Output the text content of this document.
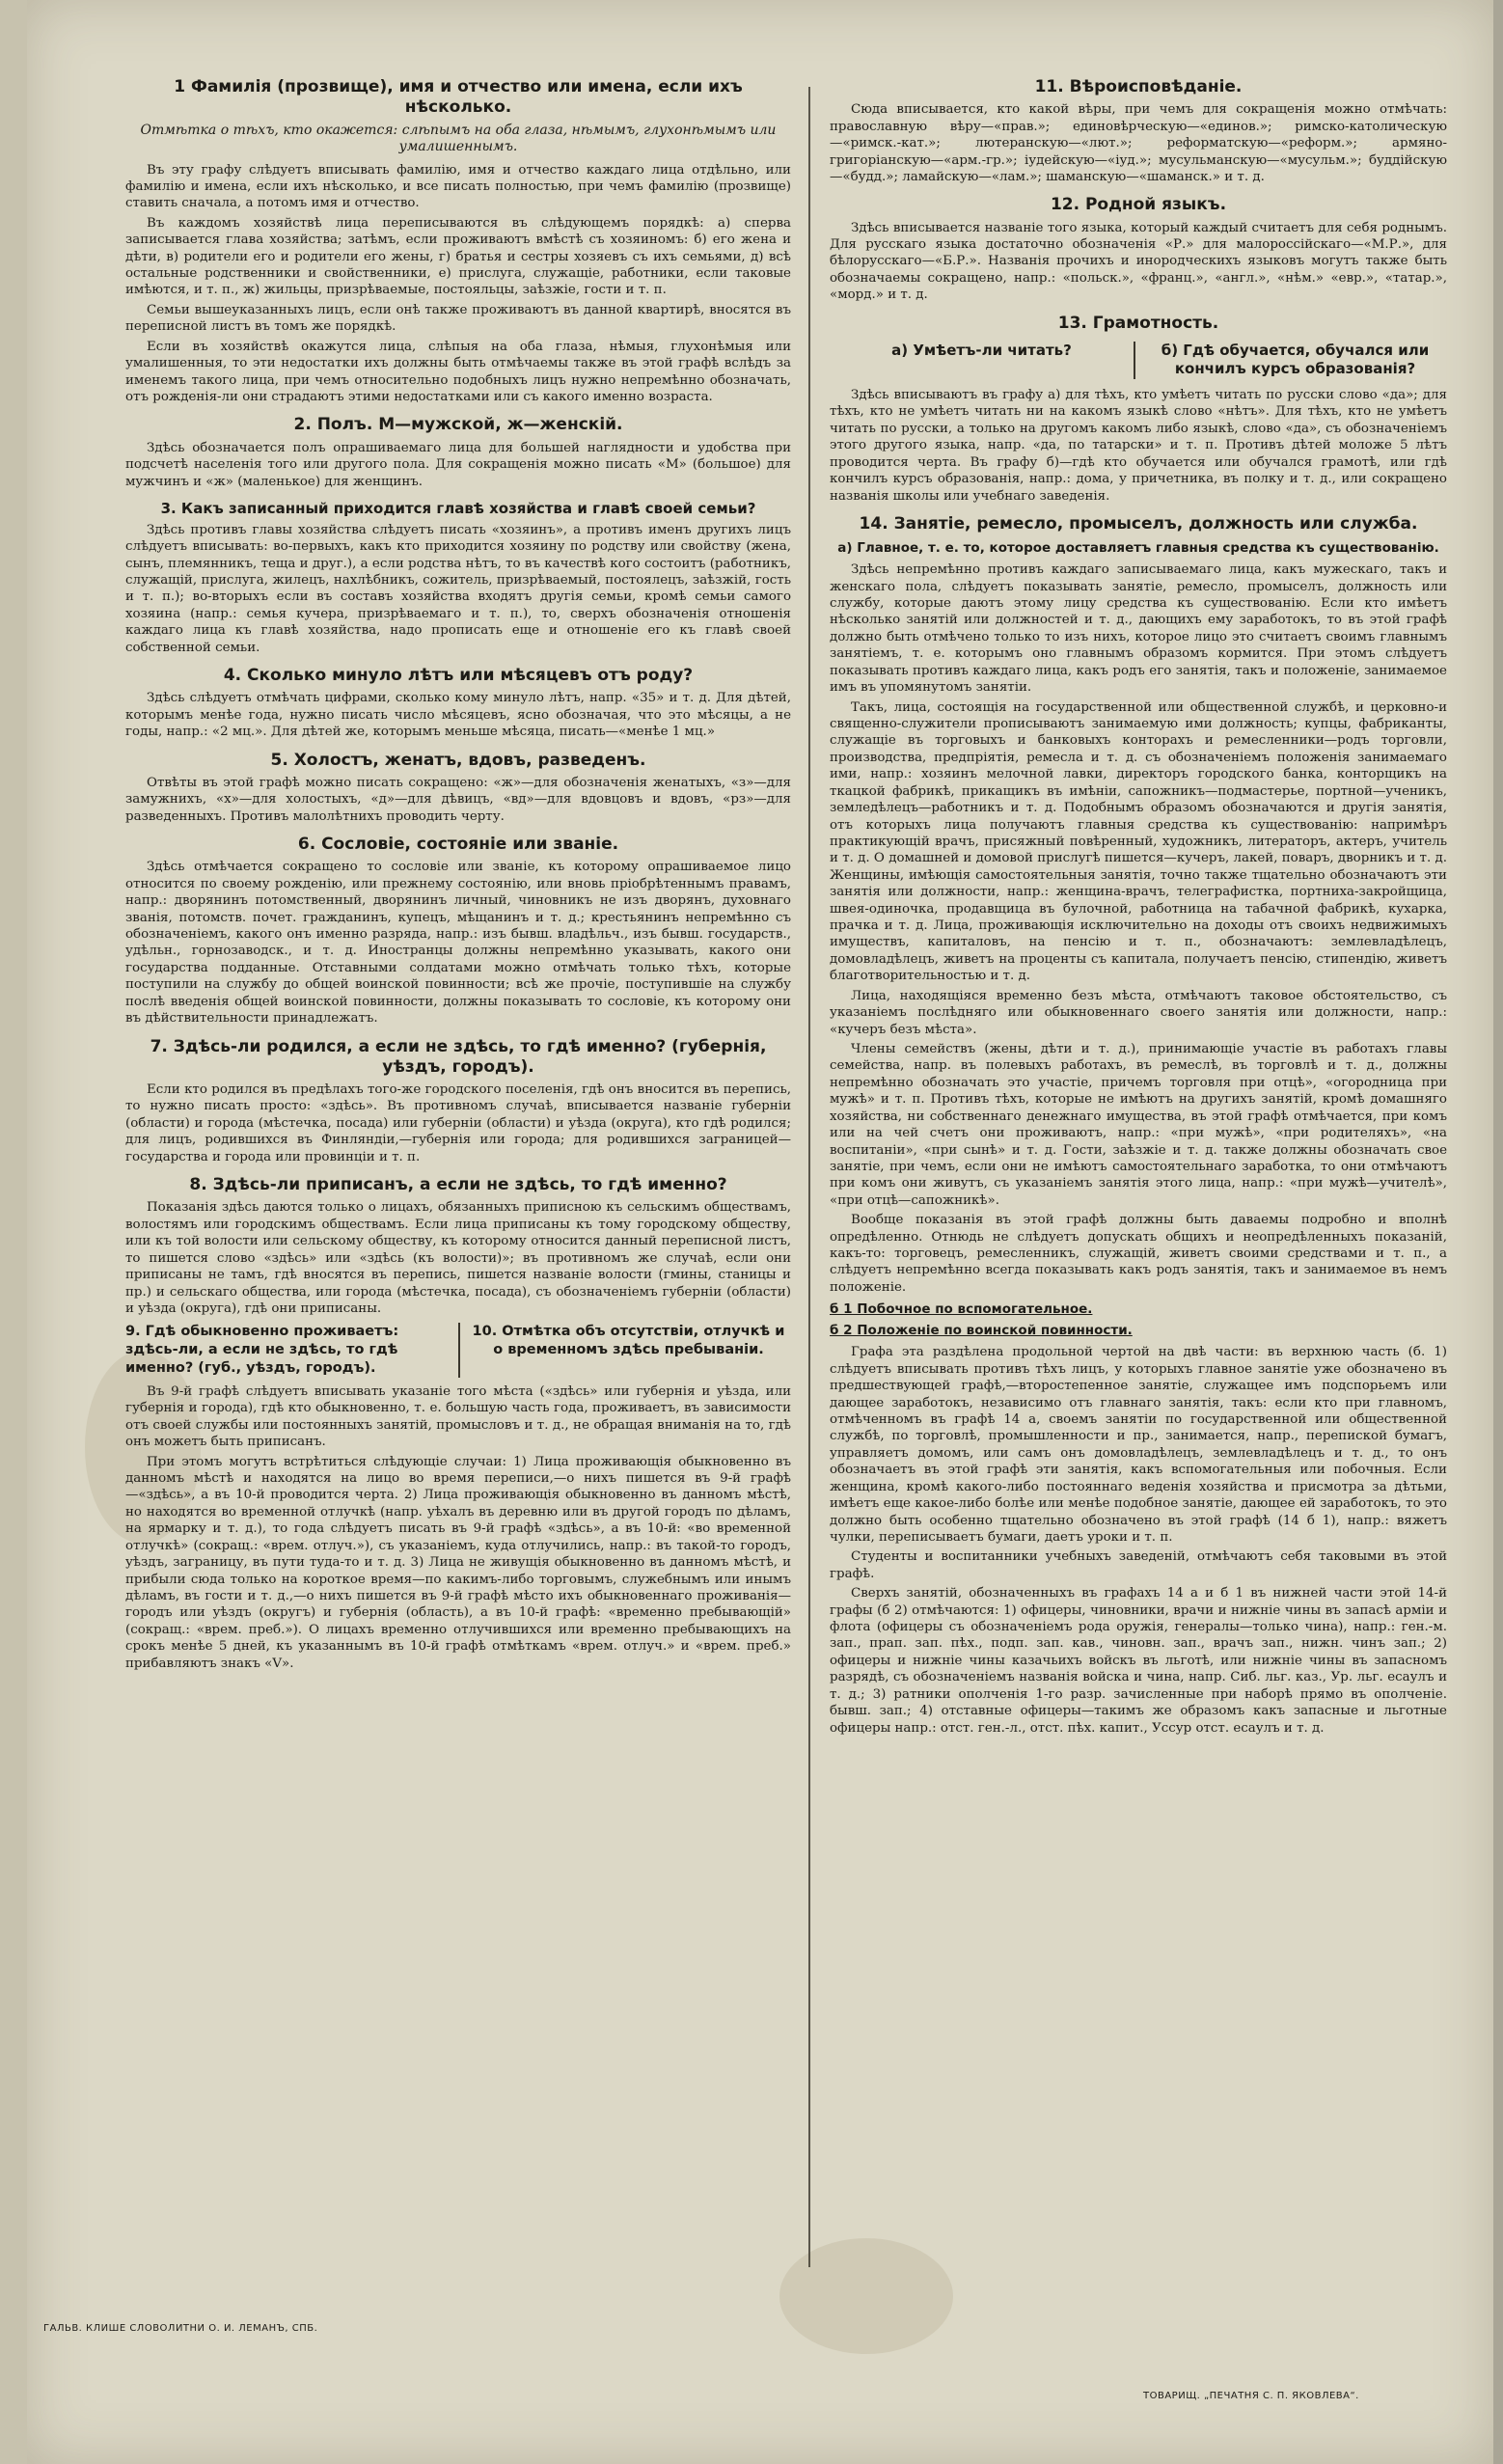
1 Фамилія (прозвище), имя и отчество или имена, если ихъ нѣсколько.
Отмѣтка о тѣхъ, кто окажется: слѣпымъ на оба глаза, нѣмымъ, глухонѣмымъ или умалишеннымъ.

Въ эту графу слѣдуетъ вписывать фамилію, имя и отчество каждаго лица отдѣльно, или фамилію и имена, если ихъ нѣсколько, и все писать полностью, при чемъ фамилію (прозвище) ставить сначала, а потомъ имя и отчество.

Въ каждомъ хозяйствѣ лица переписываются въ слѣдующемъ порядкѣ: а) сперва записывается глава хозяйства; затѣмъ, если проживаютъ вмѣстѣ съ хозяиномъ: б) его жена и дѣти, в) родители его и родители его жены, г) братья и сестры хозяевъ съ ихъ семьями, д) всѣ остальные родственники и свойственники, е) прислуга, служащіе, работники, если таковые имѣются, и т. п., ж) жильцы, призрѣваемые, постояльцы, заѣзжіе, гости и т. п.

Семьи вышеуказанныхъ лицъ, если онѣ также проживаютъ въ данной квартирѣ, вносятся въ переписной листъ въ томъ же порядкѣ.

Если въ хозяйствѣ окажутся лица, слѣпыя на оба глаза, нѣмыя, глухонѣмыя или умалишенныя, то эти недостатки ихъ должны быть отмѣчаемы также въ этой графѣ вслѣдъ за именемъ такого лица, при чемъ относительно подобныхъ лицъ нужно непремѣнно обозначать, отъ рожденія-ли они страдаютъ этими недостатками или съ какого именно возраста.

2. Полъ. М—мужской, ж—женскій.

Здѣсь обозначается полъ опрашиваемаго лица для большей наглядности и удобства при подсчетѣ населенія того или другого пола. Для сокращенія можно писать «М» (большое) для мужчинъ и «ж» (маленькое) для женщинъ.

3. Какъ записанный приходится главѣ хозяйства и главѣ своей семьи?

Здѣсь противъ главы хозяйства слѣдуетъ писать «хозяинъ», а противъ именъ другихъ лицъ слѣдуетъ вписывать: во-первыхъ, какъ кто приходится хозяину по родству или свойству (жена, сынъ, племянникъ, теща и друг.), а если родства нѣтъ, то въ качествѣ кого состоитъ (работникъ, служащій, прислуга, жилецъ, нахлѣбникъ, сожитель, призрѣваемый, постоялецъ, заѣзжій, гость и т. п.); во-вторыхъ если въ составъ хозяйства входятъ другія семьи, кромѣ семьи самого хозяина (напр.: семья кучера, призрѣваемаго и т. п.), то, сверхъ обозначенія отношенія каждаго лица къ главѣ хозяйства, надо прописать еще и отношеніе его къ главѣ своей собственной семьи.

4. Сколько минуло лѣтъ или мѣсяцевъ отъ роду?

Здѣсь слѣдуетъ отмѣчать цифрами, сколько кому минуло лѣтъ, напр. «35» и т. д. Для дѣтей, которымъ менѣе года, нужно писать число мѣсяцевъ, ясно обозначая, что это мѣсяцы, а не годы, напр.: «2 мц.». Для дѣтей же, которымъ меньше мѣсяца, писать—«менѣе 1 мц.»

5. Холостъ, женатъ, вдовъ, разведенъ.

Отвѣты въ этой графѣ можно писать сокращено: «ж»—для обозначенія женатыхъ, «з»—для замужнихъ, «х»—для холостыхъ, «д»—для дѣвицъ, «вд»—для вдовцовъ и вдовъ, «рз»—для разведенныхъ. Противъ малолѣтнихъ проводить черту.

6. Сословіе, состояніе или званіе.

Здѣсь отмѣчается сокращено то сословіе или званіе, къ которому опрашиваемое лицо относится по своему рожденію, или прежнему состоянію, или вновь пріобрѣтеннымъ правамъ, напр.: дворянинъ потомственный, дворянинъ личный, чиновникъ не изъ дворянъ, духовнаго званія, потомств. почет. гражданинъ, купецъ, мѣщанинъ и т. д.; крестьянинъ непремѣнно съ обозначеніемъ, какого онъ именно разряда, напр.: изъ бывш. владѣльч., изъ бывш. государств., удѣльн., горнозаводск., и т. д. Иностранцы должны непремѣнно указывать, какого они государства подданные. Отставными солдатами можно отмѣчать только тѣхъ, которые поступили на службу до общей воинской повинности; всѣ же прочіе, поступившіе на службу послѣ введенія общей воинской повинности, должны показывать то сословіе, къ которому они въ дѣйствительности принадлежатъ.

7. Здѣсь-ли родился, а если не здѣсь, то гдѣ именно? (губернія, уѣздъ, городъ).

Если кто родился въ предѣлахъ того-же городского поселенія, гдѣ онъ вносится въ перепись, то нужно писать просто: «здѣсь». Въ противномъ случаѣ, вписывается названіе губерніи (области) и города (мѣстечка, посада) или губерніи (области) и уѣзда (округа), кто гдѣ родился; для лицъ, родившихся въ Финляндіи,—губернія или города; для родившихся заграницей—государства и города или провинціи и т. п.

8. Здѣсь-ли приписанъ, а если не здѣсь, то гдѣ именно?

Показанія здѣсь даются только о лицахъ, обязанныхъ приписною къ сельскимъ обществамъ, волостямъ или городскимъ обществамъ. Если лица приписаны къ тому городскому обществу, или къ той волости или сельскому обществу, къ которому относится данный переписной листъ, то пишется слово «здѣсь» или «здѣсь (къ волости)»; въ противномъ же случаѣ, если они приписаны не тамъ, гдѣ вносятся въ перепись, пишется названіе волости (гмины, станицы и пр.) и сельскаго общества, или города (мѣстечка, посада), съ обозначеніемъ губерніи (области) и уѣзда (округа), гдѣ они приписаны.

9. Гдѣ обыкновенно проживаетъ: здѣсь-ли, а если не здѣсь, то гдѣ именно? (губ., уѣздъ, городъ).
10. Отмѣтка объ отсутствіи, отлучкѣ и о временномъ здѣсь пребываніи.

Въ 9-й графѣ слѣдуетъ вписывать указаніе того мѣста («здѣсь» или губернія и уѣзда, или губернія и города), гдѣ кто обыкновенно, т. е. большую часть года, проживаетъ, въ зависимости отъ своей службы или постоянныхъ занятій, промысловъ и т. д., не обращая вниманія на то, гдѣ онъ можетъ быть приписанъ.

При этомъ могутъ встрѣтиться слѣдующіе случаи: 1) Лица проживающія обыкновенно въ данномъ мѣстѣ и находятся на лицо во время переписи,—о нихъ пишется въ 9-й графѣ—«здѣсь», а въ 10-й проводится черта. 2) Лица проживающія обыкновенно въ данномъ мѣстѣ, но находятся во временной отлучкѣ (напр. уѣхалъ въ деревню или въ другой городъ по дѣламъ, на ярмарку и т. д.), то года слѣдуетъ писать въ 9-й графѣ «здѣсь», а въ 10-й: «во временной отлучкѣ» (сокращ.: «врем. отлуч.»), съ указаніемъ, куда отлучились, напр.: въ такой-то городъ, уѣздъ, заграницу, въ пути туда-то и т. д. 3) Лица не живущія обыкновенно въ данномъ мѣстѣ, и прибыли сюда только на короткое время—по какимъ-либо торговымъ, служебнымъ или инымъ дѣламъ, въ гости и т. д.,—о нихъ пишется въ 9-й графѣ мѣсто ихъ обыкновеннаго проживанія—городъ или уѣздъ (округъ) и губернія (область), а въ 10-й графѣ: «временно пребывающій» (сокращ.: «врем. преб.»). О лицахъ временно отлучившихся или временно пребывающихъ на срокъ менѣе 5 дней, къ указаннымъ въ 10-й графѣ отмѣткамъ «врем. отлуч.» и «врем. преб.» прибавляютъ знакъ «V».

11. Вѣроисповѣданіе.

Сюда вписывается, кто какой вѣры, при чемъ для сокращенія можно отмѣчать: православную вѣру—«прав.»; единовѣрческую—«единов.»; римско-католическую—«римск.-кат.»; лютеранскую—«лют.»; реформатскую—«реформ.»; армяно-григоріанскую—«арм.-гр.»; іудейскую—«іуд.»; мусульманскую—«мусульм.»; буддійскую—«будд.»; ламайскую—«лам.»; шаманскую—«шаманск.» и т. д.

12. Родной языкъ.

Здѣсь вписывается названіе того языка, который каждый считаетъ для себя роднымъ. Для русскаго языка достаточно обозначенія «Р.» для малороссійскаго—«М.Р.», для бѣлорусскаго—«Б.Р.». Названія прочихъ и инородческихъ языковъ могутъ также быть обозначаемы сокращено, напр.: «польск.», «франц.», «англ.», «нѣм.» «евр.», «татар.», «морд.» и т. д.

13. Грамотность.
а) Умѣетъ-ли читать?	б) Гдѣ обучается, обучался или кончилъ курсъ образованія?

Здѣсь вписываютъ въ графу а) для тѣхъ, кто умѣетъ читать по русски слово «да»; для тѣхъ, кто не умѣетъ читать ни на какомъ языкѣ слово «нѣтъ». Для тѣхъ, кто не умѣетъ читать по русски, а только на другомъ какомъ либо языкѣ, слово «да», съ обозначеніемъ этого другого языка, напр. «да, по татарски» и т. п. Противъ дѣтей моложе 5 лѣтъ проводится черта. Въ графу б)—гдѣ кто обучается или обучался грамотѣ, или гдѣ кончилъ курсъ образованія, напр.: дома, у причетника, въ полку и т. д., или сокращено названія школы или учебнаго заведенія.

14. Занятіе, ремесло, промыселъ, должность или служба.
а) Главное, т. е. то, которое доставляетъ главныя средства къ существованію.

Здѣсь непремѣнно противъ каждаго записываемаго лица, какъ мужескаго, такъ и женскаго пола, слѣдуетъ показывать занятіе, ремесло, промыселъ, должность или службу, которые даютъ этому лицу средства къ существованію. Если кто имѣетъ нѣсколько занятій или должностей и т. д., дающихъ ему заработокъ, то въ этой графѣ должно быть отмѣчено только то изъ нихъ, которое лицо это считаетъ своимъ главнымъ занятіемъ, т. е. которымъ оно главнымъ образомъ кормится. При этомъ слѣдуетъ показывать противъ каждаго лица, какъ родъ его занятія, такъ и положеніе, занимаемое имъ въ упомянутомъ занятіи.

Такъ, лица, состоящія на государственной или общественной службѣ, и церковно-и священно-служители прописываютъ занимаемую ими должность; купцы, фабриканты, служащіе въ торговыхъ и банковыхъ конторахъ и ремесленники—родъ торговли, производства, предпріятія, ремесла и т. д. съ обозначеніемъ положенія занимаемаго ими, напр.: хозяинъ мелочной лавки, директоръ городского банка, конторщикъ на ткацкой фабрикѣ, прикащикъ въ имѣніи, сапожникъ—подмастерье, портной—ученикъ, земледѣлецъ—работникъ и т. д. Подобнымъ образомъ обозначаются и другія занятія, отъ которыхъ лица получаютъ главныя средства къ существованію: напримѣръ практикующій врачъ, присяжный повѣренный, художникъ, литераторъ, актеръ, учитель и т. д. О домашней и домовой прислугѣ пишется—кучеръ, лакей, поваръ, дворникъ и т. д. Женщины, имѣющія самостоятельныя занятія, точно также тщательно обозначаютъ эти занятія или должности, напр.: женщина-врачъ, телеграфистка, портниха-закройщица, швея-одиночка, продавщица въ булочной, работница на табачной фабрикѣ, кухарка, прачка и т. д. Лица, проживающія исключительно на доходы отъ своихъ недвижимыхъ имуществъ, капиталовъ, на пенсію и т. п., обозначаютъ: землевладѣлецъ, домовладѣлецъ, живетъ на проценты съ капитала, получаетъ пенсію, стипендію, живетъ благотворительностью и т. д.

Лица, находящіяся временно безъ мѣста, отмѣчаютъ таковое обстоятельство, съ указаніемъ послѣдняго или обыкновеннаго своего занятія или должности, напр.: «кучеръ безъ мѣста».

Члены семействъ (жены, дѣти и т. д.), принимающіе участіе въ работахъ главы семейства, напр. въ полевыхъ работахъ, въ ремеслѣ, въ торговлѣ и т. д., должны непремѣнно обозначать это участіе, причемъ торговля при отцѣ», «огородница при мужѣ» и т. п. Противъ тѣхъ, которые не имѣютъ на другихъ занятій, кромѣ домашняго хозяйства, ни собственнаго денежнаго имущества, въ этой графѣ отмѣчается, при комъ или на чей счетъ они проживаютъ, напр.: «при мужѣ», «при родителяхъ», «на воспитаніи», «при сынѣ» и т. д. Гости, заѣзжіе и т. д. также должны обозначать свое занятіе, при чемъ, если они не имѣютъ самостоятельнаго заработка, то они отмѣчаютъ при комъ они живутъ, съ указаніемъ занятія этого лица, напр.: «при мужѣ—учителѣ», «при отцѣ—сапожникѣ».

Вообще показанія въ этой графѣ должны быть даваемы подробно и вполнѣ опредѣленно. Отнюдь не слѣдуетъ допускать общихъ и неопредѣленныхъ показаній, какъ-то: торговецъ, ремесленникъ, служащій, живетъ своими средствами и т. п., а слѣдуетъ непремѣнно всегда показывать какъ родъ занятія, такъ и занимаемое въ немъ положеніе.

б 1 Побочное по вспомогательное.
б 2 Положеніе по воинской повинности.

Графа эта раздѣлена продольной чертой на двѣ части: въ верхнюю часть (б. 1) слѣдуетъ вписывать противъ тѣхъ лицъ, у которыхъ главное занятіе уже обозначено въ предшествующей графѣ,—второстепенное занятіе, служащее имъ подспорьемъ или дающее заработокъ, независимо отъ главнаго занятія, такъ: если кто при главномъ, отмѣченномъ въ графѣ 14 а, своемъ занятіи по государственной или общественной службѣ, по торговлѣ, промышленности и пр., занимается, напр., перепиской бумагъ, управляетъ домомъ, или самъ онъ домовладѣлецъ, землевладѣлецъ и т. д., то онъ обозначаетъ въ этой графѣ эти занятія, какъ вспомогательныя или побочныя. Если женщина, кромѣ какого-либо постояннаго веденія хозяйства и присмотра за дѣтьми, имѣетъ еще какое-либо болѣе или менѣе подобное занятіе, дающее ей заработокъ, то это должно быть особенно тщательно обозначено въ этой графѣ (14 б 1), напр.: вяжетъ чулки, переписываетъ бумаги, даетъ уроки и т. п.

Студенты и воспитанники учебныхъ заведеній, отмѣчаютъ себя таковыми въ этой графѣ.

Сверхъ занятій, обозначенныхъ въ графахъ 14 а и б 1 въ нижней части этой 14-й графы (б 2) отмѣчаются: 1) офицеры, чиновники, врачи и нижніе чины въ запасѣ арміи и флота (офицеры съ обозначеніемъ рода оружія, генералы—только чина), напр.: ген.-м. зап., прап. зап. пѣх., подп. зап. кав., чиновн. зап., врачъ зап., нижн. чинъ зап.; 2) офицеры и нижніе чины казачьихъ войскъ въ льготѣ, или нижніе чины въ запасномъ разрядѣ, съ обозначеніемъ названія войска и чина, напр. Сиб. льг. каз., Ур. льг. есаулъ и т. д.; 3) ратники ополченія 1-го разр. зачисленные при наборѣ прямо въ ополченіе. бывш. зап.; 4) отставные офицеры—такимъ же образомъ какъ запасные и льготные офицеры напр.: отст. ген.-л., отст. пѣх. капит., Уссур отст. есаулъ и т. д.

ГАЛЬВ. КЛИШЕ СЛОВОЛИТНИ О. И. ЛЕМАНЪ, СПБ.
ТОВАРИЩ. „ПЕЧАТНЯ С. П. ЯКОВЛЕВА“.
